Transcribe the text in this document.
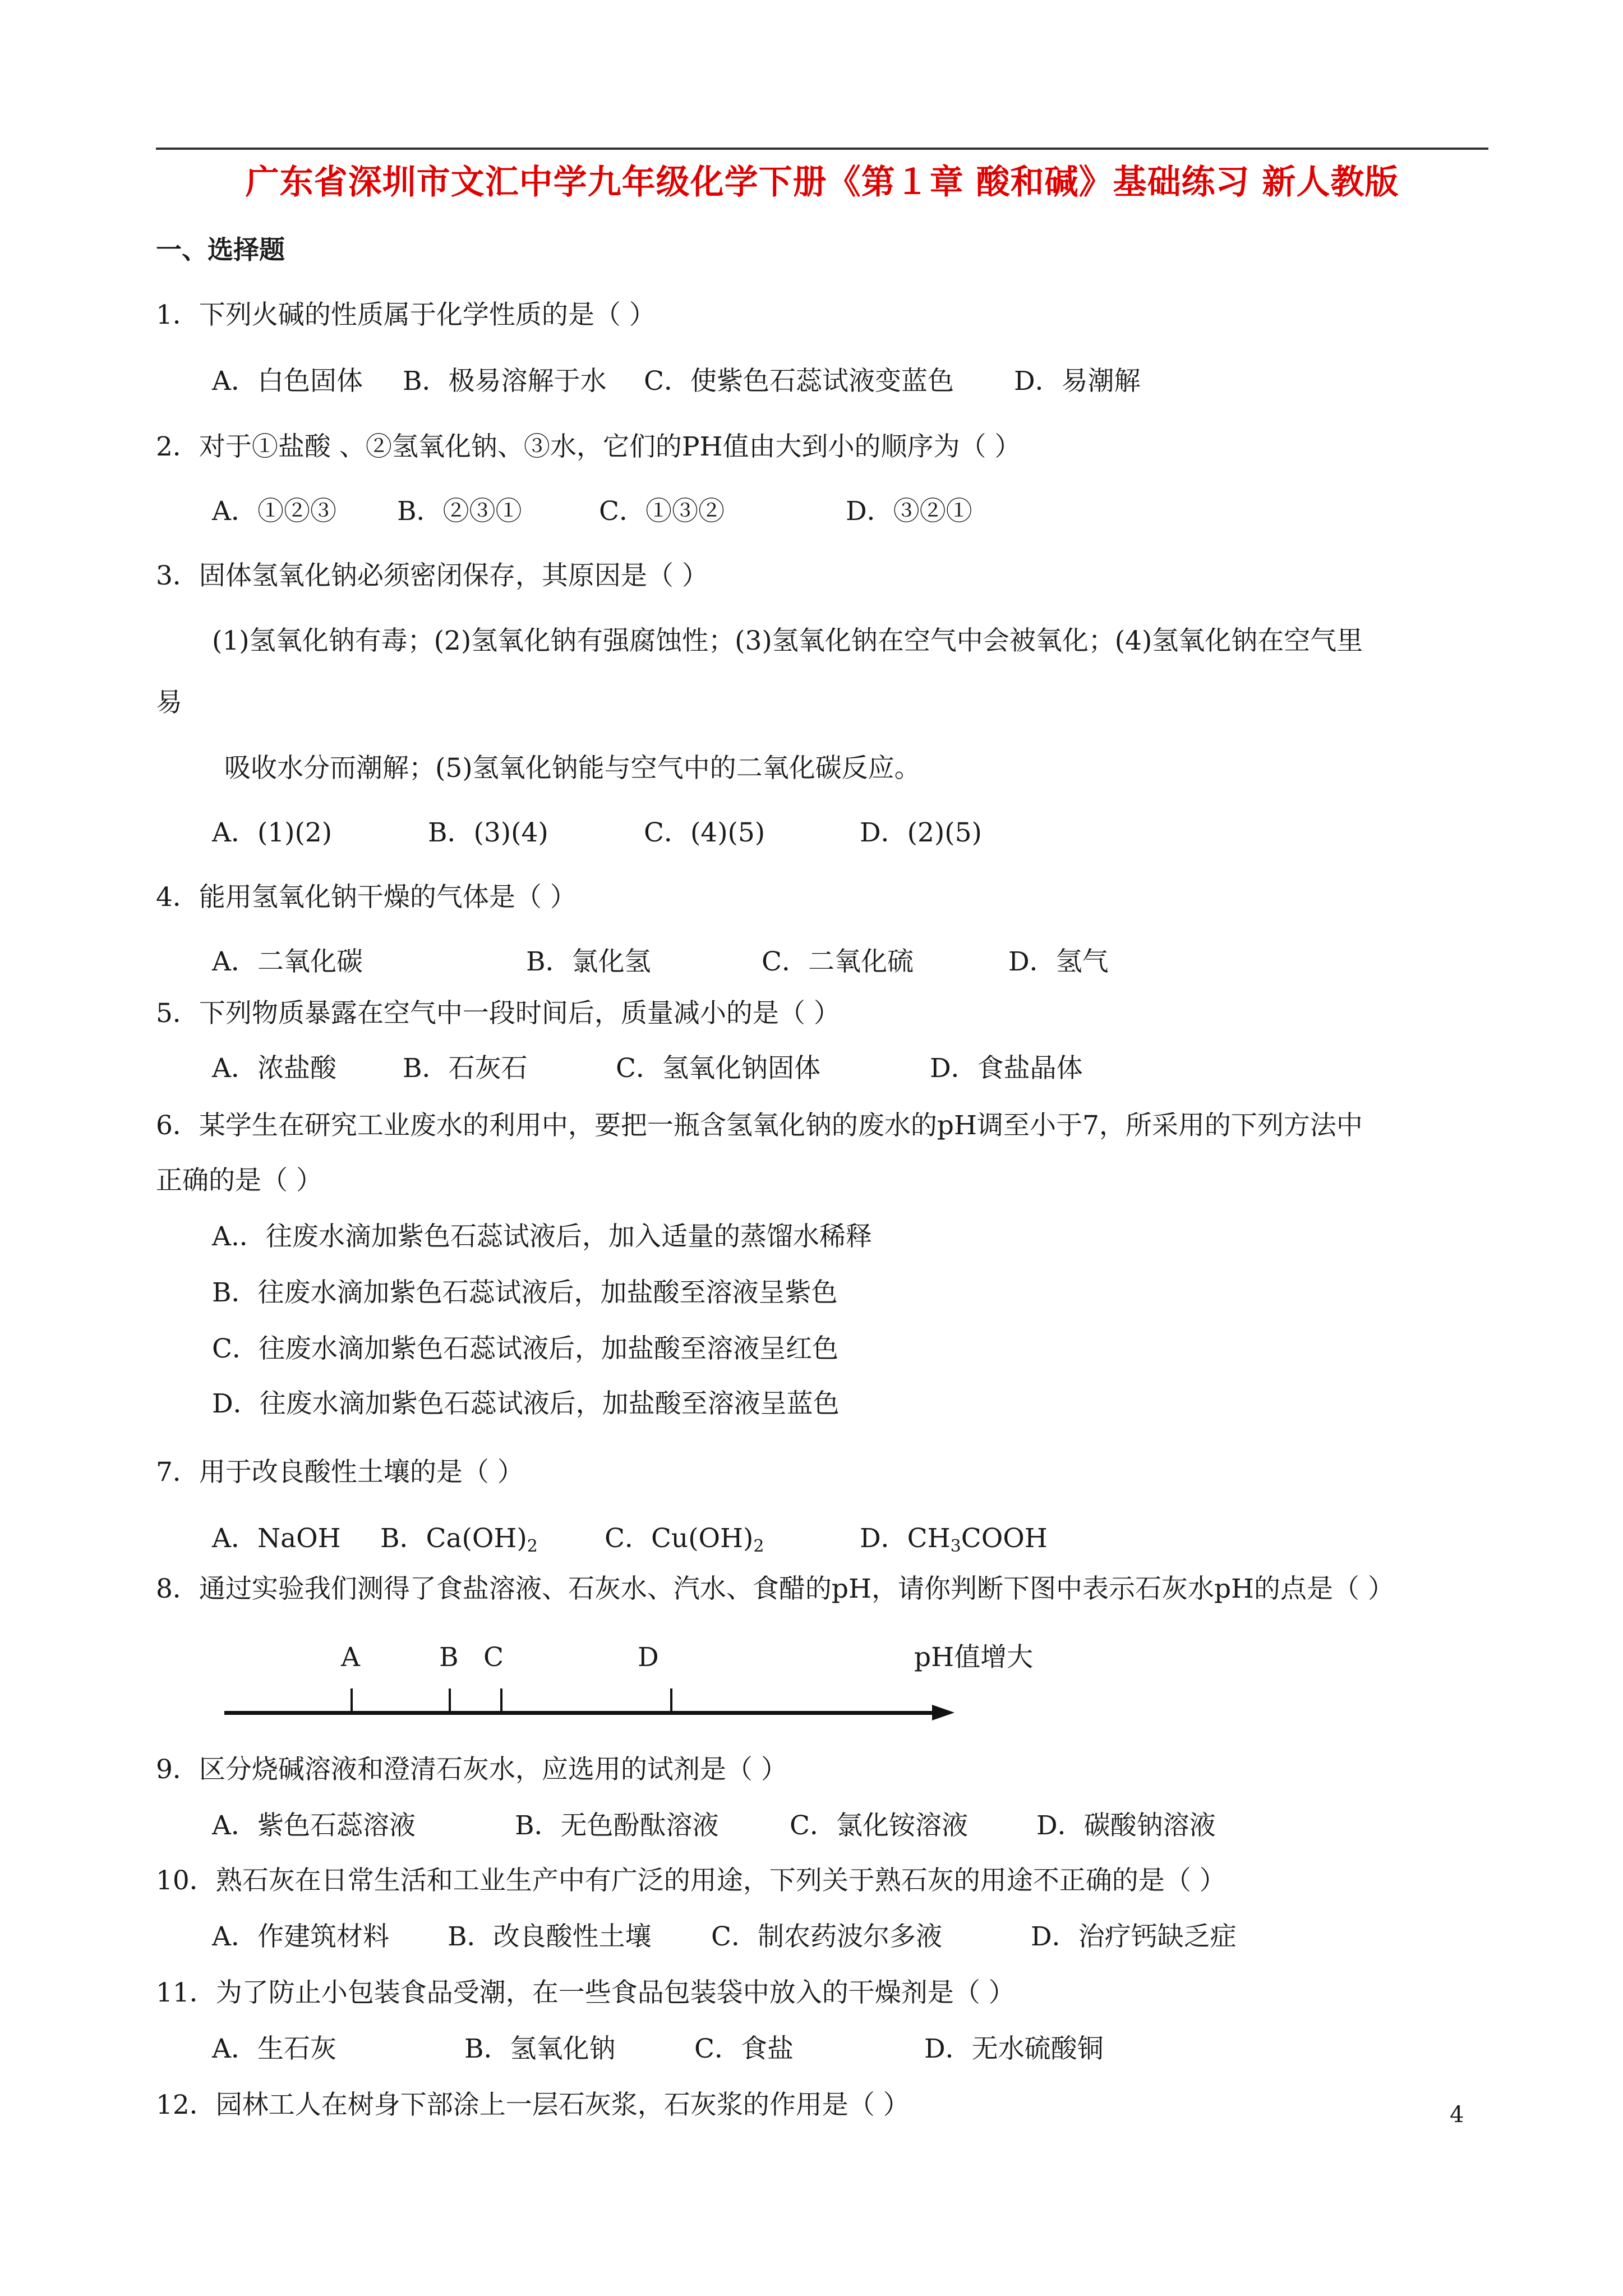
广东省深圳市文汇中学九年级化学下册《第１章 酸和碱》基础练习 新人教版
一、选择题
1．下列火碱的性质属于化学性质的是（ ）
A．白色固体 B．极易溶解于水 C．使紫色石蕊试液变蓝色 D．易潮解
2．对于①盐酸 、②氢氧化钠、③水，它们的PH值由大到小的顺序为（ ）
A．①②③ B．②③①	C．①③②	D．③②①
3．固体氢氧化钠必须密闭保存，其原因是（ ）
(1)氢氧化钠有毒；(2)氢氧化钠有强腐蚀性；(3)氢氧化钠在空气中会被氧化；(4)氢氧化钠在空气里
易
吸收水分而潮解；(5)氢氧化钠能与空气中的二氧化碳反应。
A．(1)(2)	B．(3)(4)	C．(4)(5)	D．(2)(5)
4．能用氢氧化钠干燥的气体是（ ）
A．二氧化碳	B．氯化氢	C．二氧化硫	D．氢气
5．下列物质暴露在空气中一段时间后，质量减小的是（ ）
A．浓盐酸	B．石灰石	C．氢氧化钠固体	D．食盐晶体
6．某学生在研究工业废水的利用中，要把一瓶含氢氧化钠的废水的pH调至小于7，所采用的下列方法中
正确的是（ ）
A.．往废水滴加紫色石蕊试液后，加入适量的蒸馏水稀释
B．往废水滴加紫色石蕊试液后，加盐酸至溶液呈紫色
C．往废水滴加紫色石蕊试液后，加盐酸至溶液呈红色
D．往废水滴加紫色石蕊试液后，加盐酸至溶液呈蓝色
7．用于改良酸性土壤的是（ ）
A．NaOH B．$Ca(OH)_2$	C．$Cu(OH)_2$	D．$CH_3COOH$
8．通过实验我们测得了食盐溶液、石灰水、汽水、食醋的pH，请你判断下图中表示石灰水pH的点是（ ）
A	B C	D	pH值增大
9．区分烧碱溶液和澄清石灰水，应选用的试剂是（ ）
A．紫色石蕊溶液	B．无色酚酞溶液	C．氯化铵溶液	D．碳酸钠溶液
10．熟石灰在日常生活和工业生产中有广泛的用途，下列关于熟石灰的用途不正确的是（ ）
A．作建筑材料 B．改良酸性土壤 C．制农药波尔多液	D．治疗钙缺乏症
11．为了防止小包装食品受潮，在一些食品包装袋中放入的干燥剂是（ ）
A．生石灰	B．氢氧化钠	C．食盐	D．无水硫酸铜
12．园林工人在树身下部涂上一层石灰浆，石灰浆的作用是（ ）	4
